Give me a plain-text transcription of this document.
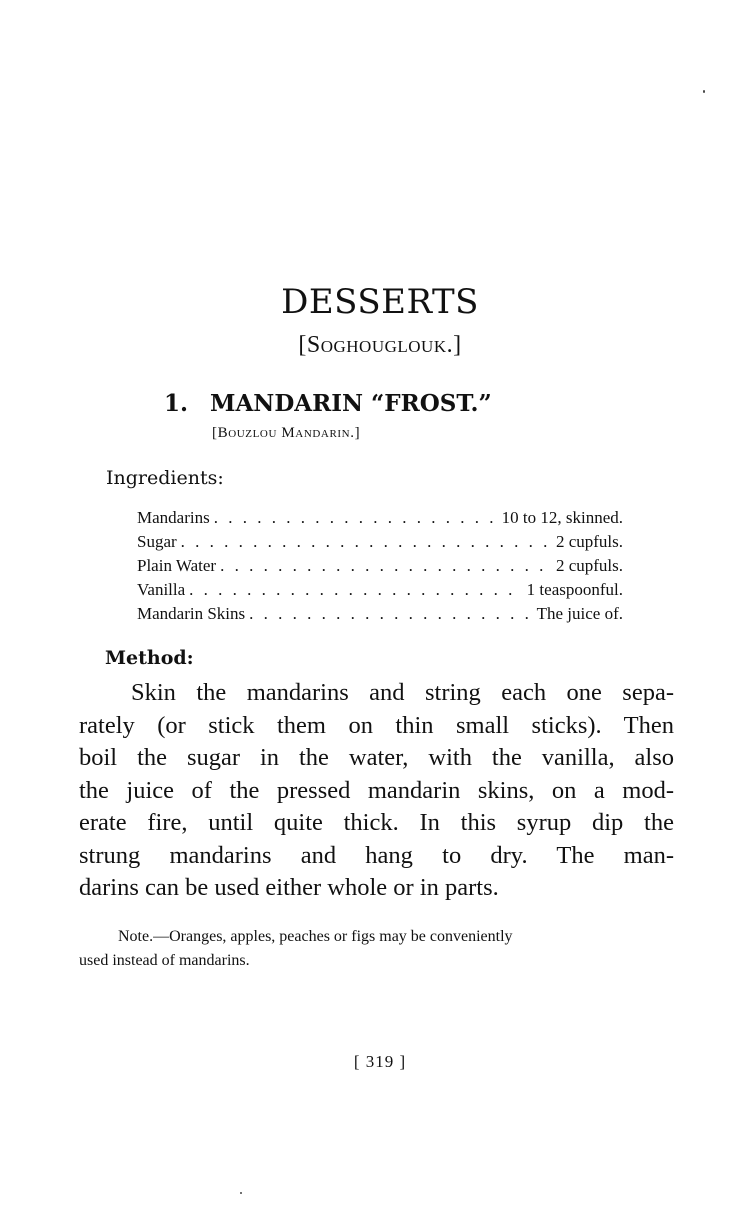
DESSERTS
[Soghouglouk.]
1. MANDARIN “FROST.”
[Bouzlou Mandarin.]
Ingredients:
Mandarins . . .	10 to 12, skinned.
Sugar . . .	2 cupfuls.
Plain Water . . .	2 cupfuls.
Vanilla . . .	1 teaspoonful.
Mandarin Skins . . .	The juice of.
Method:
Skin the mandarins and string each one sepa-
rately (or stick them on thin small sticks). Then
boil the sugar in the water, with the vanilla, also
the juice of the pressed mandarin skins, on a mod-
erate fire, until quite thick. In this syrup dip the
strung mandarins and hang to dry. The man-
darins can be used either whole or in parts.
Note.—Oranges, apples, peaches or figs may be conveniently
used instead of mandarins.
[ 319 ]
